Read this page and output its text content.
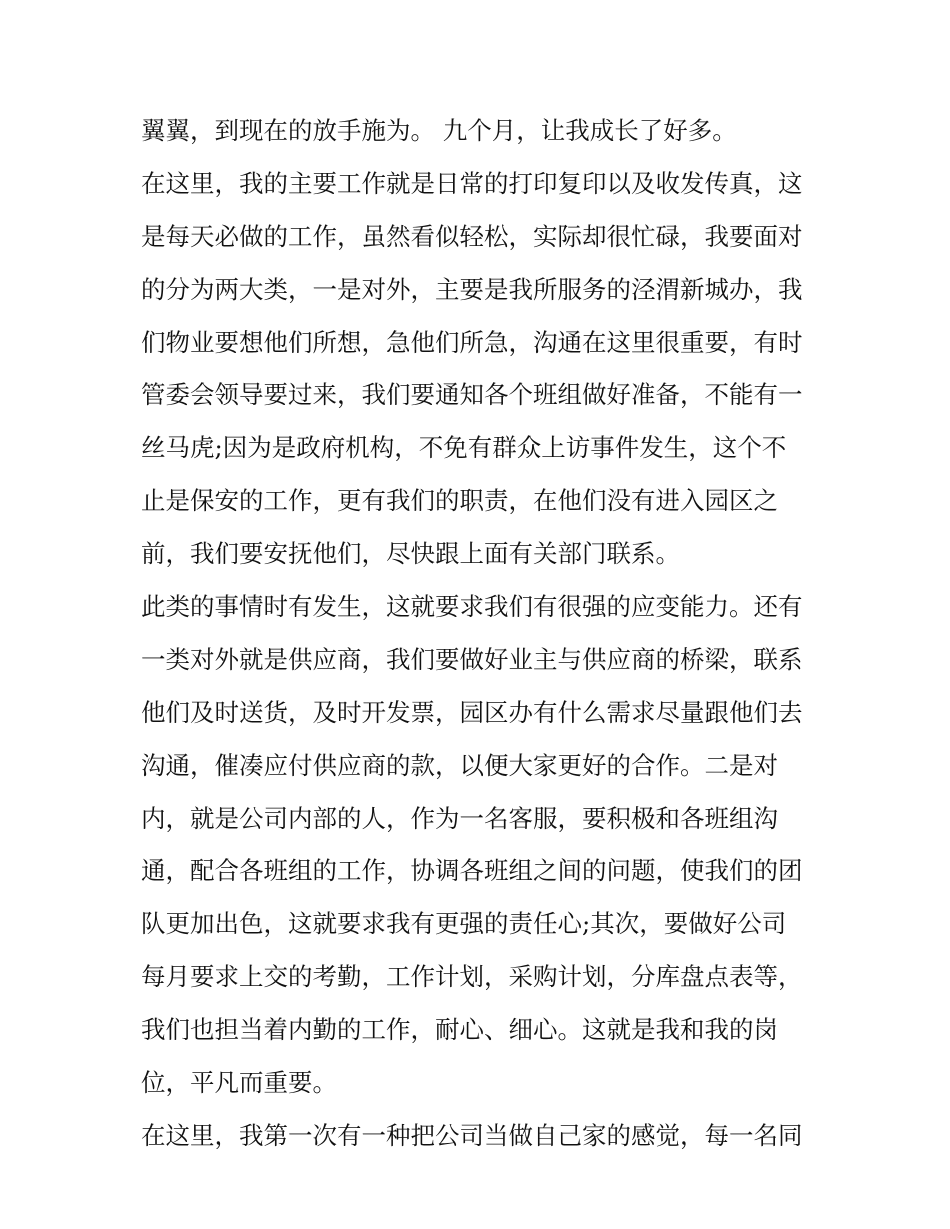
翼翼，到现在的放手施为。 九个月，让我成长了好多。
在这里，我的主要工作就是日常的打印复印以及收发传真，这
是每天必做的工作，虽然看似轻松，实际却很忙碌，我要面对
的分为两大类，一是对外，主要是我所服务的泾渭新城办，我
们物业要想他们所想，急他们所急，沟通在这里很重要，有时
管委会领导要过来，我们要通知各个班组做好准备，不能有一
丝马虎;因为是政府机构，不免有群众上访事件发生，这个不
止是保安的工作，更有我们的职责，在他们没有进入园区之
前，我们要安抚他们，尽快跟上面有关部门联系。
此类的事情时有发生，这就要求我们有很强的应变能力。还有
一类对外就是供应商，我们要做好业主与供应商的桥梁，联系
他们及时送货，及时开发票，园区办有什么需求尽量跟他们去
沟通，催凑应付供应商的款，以便大家更好的合作。二是对
内，就是公司内部的人，作为一名客服，要积极和各班组沟
通，配合各班组的工作，协调各班组之间的问题，使我们的团
队更加出色，这就要求我有更强的责任心;其次，要做好公司
每月要求上交的考勤，工作计划，采购计划，分库盘点表等，
我们也担当着内勤的工作，耐心、细心。这就是我和我的岗
位，平凡而重要。
在这里，我第一次有一种把公司当做自己家的感觉，每一名同
